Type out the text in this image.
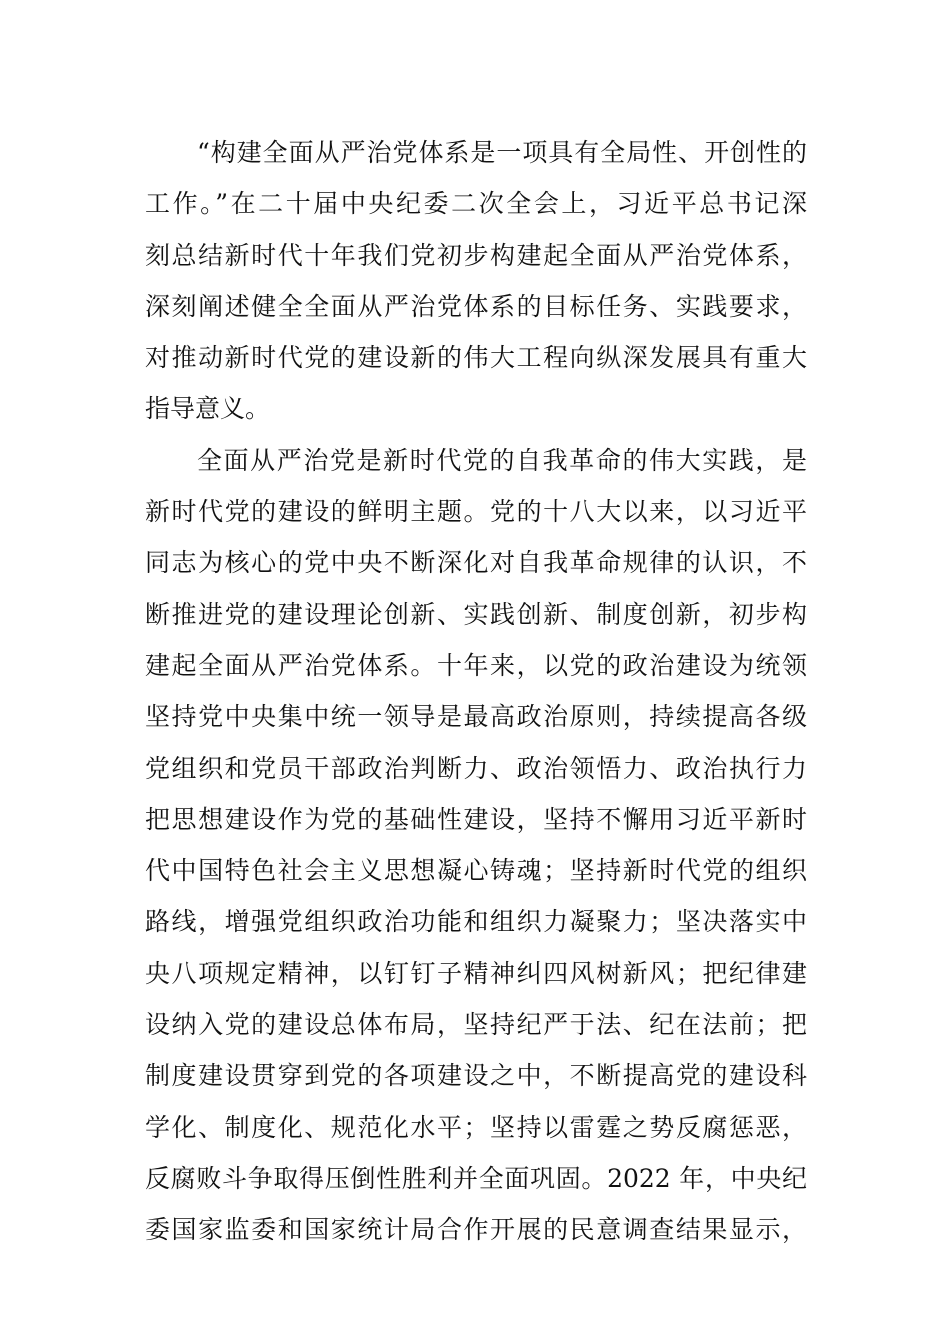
“构建全面从严治党体系是一项具有全局性、开创性的
工作。”在二十届中央纪委二次全会上，习近平总书记深
刻总结新时代十年我们党初步构建起全面从严治党体系，
深刻阐述健全全面从严治党体系的目标任务、实践要求，
对推动新时代党的建设新的伟大工程向纵深发展具有重大
指导意义。
全面从严治党是新时代党的自我革命的伟大实践，是
新时代党的建设的鲜明主题。党的十八大以来，以习近平
同志为核心的党中央不断深化对自我革命规律的认识，不
断推进党的建设理论创新、实践创新、制度创新，初步构
建起全面从严治党体系。十年来，以党的政治建设为统领
坚持党中央集中统一领导是最高政治原则，持续提高各级
党组织和党员干部政治判断力、政治领悟力、政治执行力
把思想建设作为党的基础性建设，坚持不懈用习近平新时
代中国特色社会主义思想凝心铸魂；坚持新时代党的组织
路线，增强党组织政治功能和组织力凝聚力；坚决落实中
央八项规定精神，以钉钉子精神纠四风树新风；把纪律建
设纳入党的建设总体布局，坚持纪严于法、纪在法前；把
制度建设贯穿到党的各项建设之中，不断提高党的建设科
学化、制度化、规范化水平；坚持以雷霆之势反腐惩恶，
反腐败斗争取得压倒性胜利并全面巩固。2022 年，中央纪
委国家监委和国家统计局合作开展的民意调查结果显示，
